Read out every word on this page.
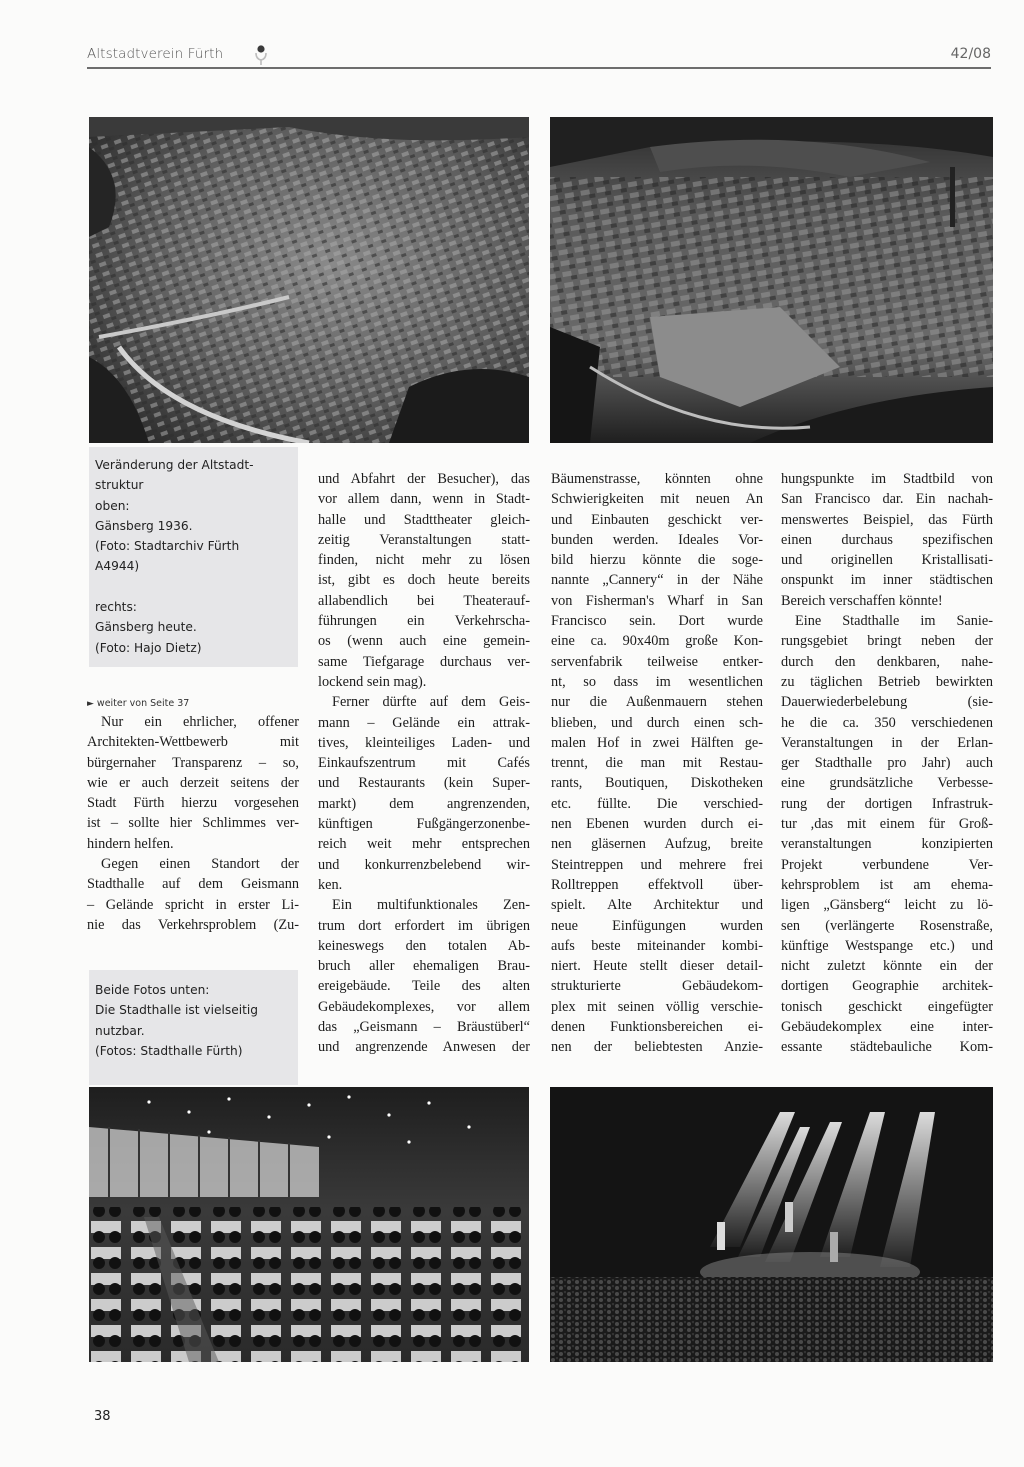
Altstadtverein Fürth	42/08
Veränderung der Altstadt-
struktur
oben:
Gänsberg 1936.
(Foto: Stadtarchiv Fürth
A4944)
rechts:
Gänsberg heute.
(Foto: Hajo Dietz)
► weiter von Seite 37
Nur ein ehrlicher, offener
Architekten-Wettbewerb mit
bürgernaher Transparenz – so,
wie er auch derzeit seitens der
Stadt Fürth hierzu vorgesehen
ist – sollte hier Schlimmes ver-
hindern helfen.
Gegen einen Standort der
Stadthalle auf dem Geismann
– Gelände spricht in erster Li-
nie das Verkehrsproblem (Zu-
Beide Fotos unten:
Die Stadthalle ist vielseitig
nutzbar.
(Fotos: Stadthalle Fürth)
und Abfahrt der Besucher), das
vor allem dann, wenn in Stadt-
halle und Stadttheater gleich-
zeitig Veranstaltungen statt-
finden, nicht mehr zu lösen
ist, gibt es doch heute bereits
allabendlich bei Theaterauf-
führungen ein Verkehrscha-
os (wenn auch eine gemein-
same Tiefgarage durchaus ver-
lockend sein mag).
Ferner dürfte auf dem Geis-
mann – Gelände ein attrak-
tives, kleinteiliges Laden- und
Einkaufszentrum mit Cafés
und Restaurants (kein Super-
markt) dem angrenzenden,
künftigen Fußgängerzonenbe-
reich weit mehr entsprechen
und konkurrenzbelebend wir-
ken.
Ein multifunktionales Zen-
trum dort erfordert im übrigen
keineswegs den totalen Ab-
bruch aller ehemaligen Brau-
ereigebäude. Teile des alten
Gebäudekomplexes, vor allem
das „Geismann – Bräustüberl“
und angrenzende Anwesen der
Bäumenstrasse, könnten ohne
Schwierigkeiten mit neuen An
und Einbauten geschickt ver-
bunden werden. Ideales Vor-
bild hierzu könnte die soge-
nannte „Cannery“ in der Nähe
von Fisherman's Wharf in San
Francisco sein. Dort wurde
eine ca. 90x40m große Kon-
servenfabrik teilweise entker-
nt, so dass im wesentlichen
nur die Außenmauern stehen
blieben, und durch einen sch-
malen Hof in zwei Hälften ge-
trennt, die man mit Restau-
rants, Boutiquen, Diskotheken
etc. füllte. Die verschied-
nen Ebenen wurden durch ei-
nen gläsernen Aufzug, breite
Steintreppen und mehrere frei
Rolltreppen effektvoll über-
spielt. Alte Architektur und
neue Einfügungen wurden
aufs beste miteinander kombi-
niert. Heute stellt dieser detail-
strukturierte Gebäudekom-
plex mit seinen völlig verschie-
denen Funktionsbereichen ei-
nen der beliebtesten Anzie-
hungspunkte im Stadtbild von
San Francisco dar. Ein nachah-
menswertes Beispiel, das Fürth
einen durchaus spezifischen
und originellen Kristallisati-
onspunkt im inner städtischen
Bereich verschaffen könnte!
Eine Stadthalle im Sanie-
rungsgebiet bringt neben der
durch den denkbaren, nahe-
zu täglichen Betrieb bewirkten
Dauerwiederbelebung (sie-
he die ca. 350 verschiedenen
Veranstaltungen in der Erlan-
ger Stadthalle pro Jahr) auch
eine grundsätzliche Verbesse-
rung der dortigen Infrastruk-
tur ,das mit einem für Groß-
veranstaltungen konzipierten
Projekt verbundene Ver-
kehrsproblem ist am ehema-
ligen „Gänsberg“ leicht zu lö-
sen (verlängerte Rosenstraße,
künftige Westspange etc.) und
nicht zuletzt könnte ein der
dortigen Geographie architek-
tonisch geschickt eingefügter
Gebäudekomplex eine inter-
essante städtebauliche Kom-
38
